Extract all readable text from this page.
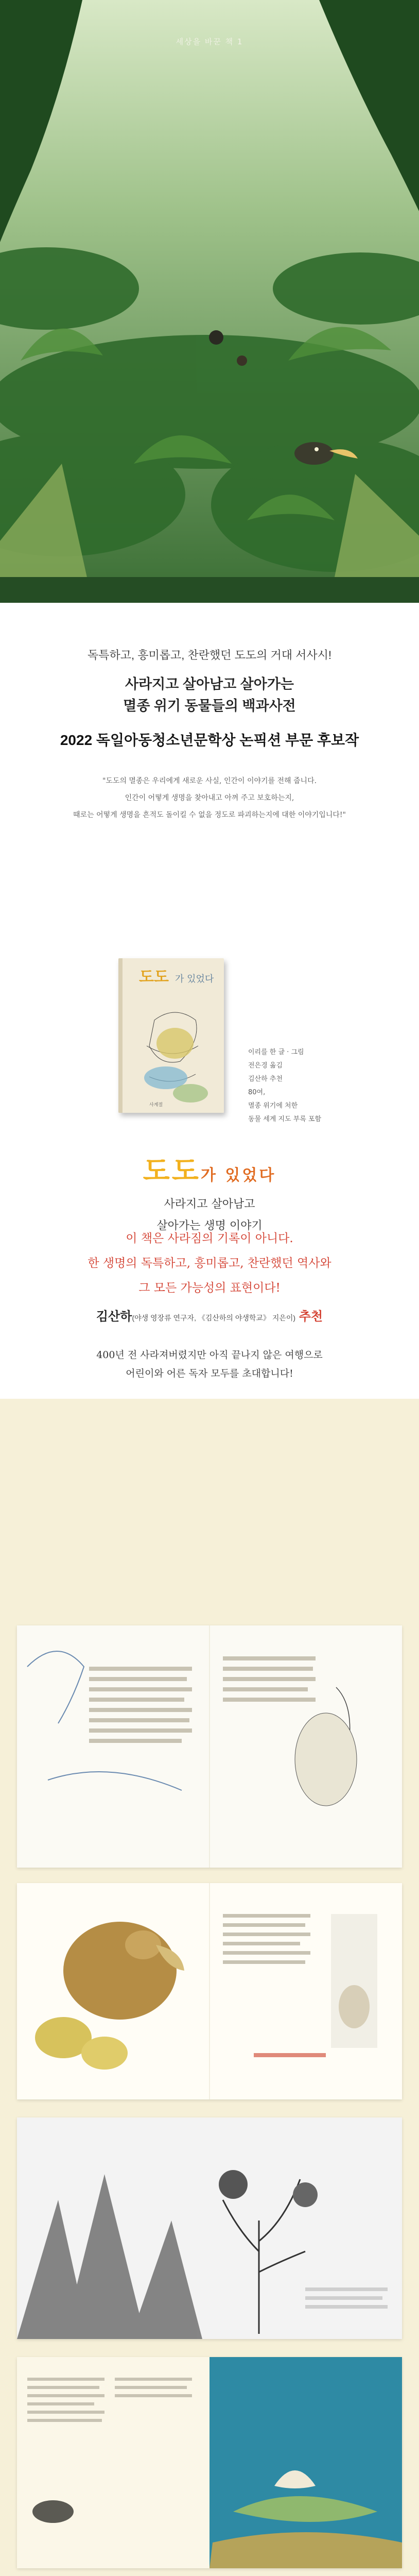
세상을 바꾼 책 1
독특하고, 흥미롭고, 찬란했던 도도의 거대 서사시!
사라지고 살아남고 살아가는
멸종 위기 동물들의 백과사전
2022 독일아동청소년문학상 논픽션 부문 후보작
"도도의 멸종은 우리에게 새로운 사실, 인간이 이야기를 전해 줍니다.
인간이 어떻게 생명을 찾아내고 아껴 주고 보호하는지,
때로는 어떻게 생명을 흔적도 돌이킬 수 없을 정도로 파괴하는지에 대한 이야기입니다!"
도도 가 있었다
사계절
이리를 한 글 · 그림
전은경 옮김
김산하 추천
80여,
멸종 위기에 처한
동물 세계 지도 부록 포함
도도가 있었다
사라지고 살아남고
살아가는 생명 이야기
이 책은 사라짐의 기록이 아니다.
한 생명의 독특하고, 흥미롭고, 찬란했던 역사와
그 모든 가능성의 표현이다!
김산하(야생 영장류 연구자, 《김산하의 야생학교》 지은이) 추천
400년 전 사라져버렸지만 아직 끝나지 않은 여행으로
어린이와 어른 독자 모두를 초대합니다!
